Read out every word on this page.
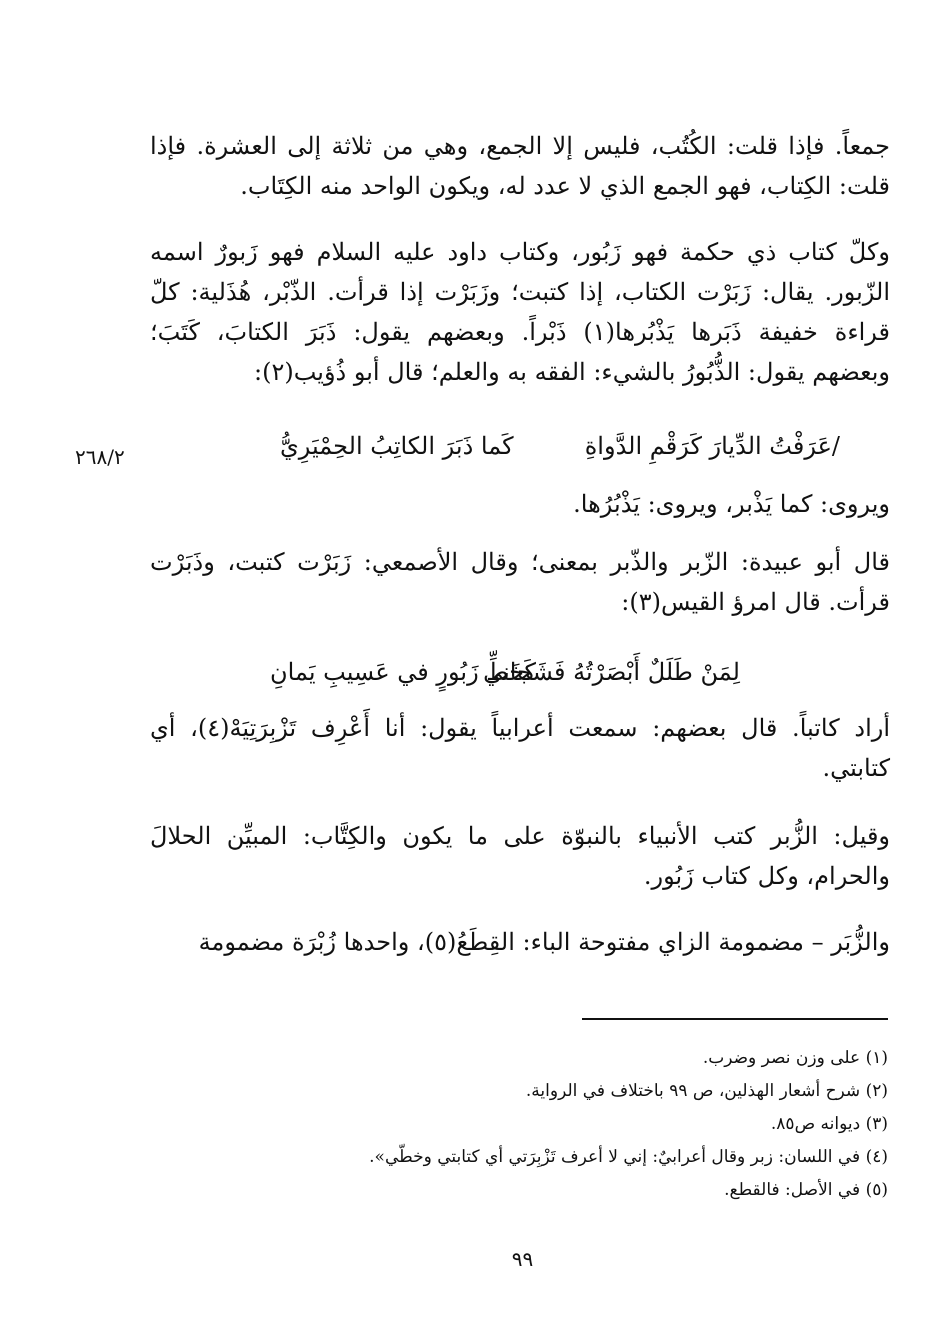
جمعاً. فإذا قلت: الكُتُب، فليس إلا الجمع، وهي من ثلاثة إلى العشرة. فإذا قلت: الكِتاب، فهو الجمع الذي لا عدد له، ويكون الواحد منه الكِتَاب.
وكلّ كتاب ذي حكمة فهو زَبُور، وكتاب داود عليه السلام فهو زَبورٌ اسمه الزّبور. يقال: زَبَرْت الكتاب، إذا كتبت؛ وزَبَرْت إذا قرأت. الذّبْر، هُذَلية: كلّ قراءة خفيفة ذَبَرها يَذْبُرها(١) ذَبْراً. وبعضهم يقول: ذَبَرَ الكتابَ، كَتَبَ؛ وبعضهم يقول: الذُّبُورُ بالشيء: الفقه به والعلم؛ قال أبو ذُؤيب(٢):
/عَرَفْتُ الدِّيارَ كَرَقْمِ الدَّواةِ
كَما ذَبَرَ الكاتِبُ الحِمْيَرِيُّ
٢٦٨/٢
ويروى: كما يَذْبر، ويروى: يَذْبُرُها.
قال أبو عبيدة: الزّبر والذّبر بمعنى؛ وقال الأصمعي: زَبَرْت كتبت، وذَبَرْت قرأت. قال امرؤ القيس(٣):
لِمَنْ طَلَلٌ أَبْصَرْتُهُ فَشَجاني
كَخَطِّ زَبُورٍ في عَسِيبِ يَمانِ
أراد كاتباً. قال بعضهم: سمعت أعرابياً يقول: أنا أَعْرِف تَزْبِرَتِيَهْ(٤)، أي كتابتي.
وقيل: الزُّبر كتب الأنبياء بالنبوّة على ما يكون والكِتَّاب: المبيِّن الحلالَ والحرام، وكل كتاب زَبُور.
والزُّبَر – مضمومة الزاي مفتوحة الباء: القِطَعُ(٥)، واحدها زُبْرَة مضمومة
(١) على وزن نصر وضرب.
(٢) شرح أشعار الهذلين، ص ٩٩ باختلاف في الرواية.
(٣) ديوانه ص٨٥.
(٤) في اللسان: زبر وقال أعرابيٌ: إني لا أعرف تَزْبِرَتي أي كتابتي وخطّي».
(٥) في الأصل: فالقطع.
٩٩
